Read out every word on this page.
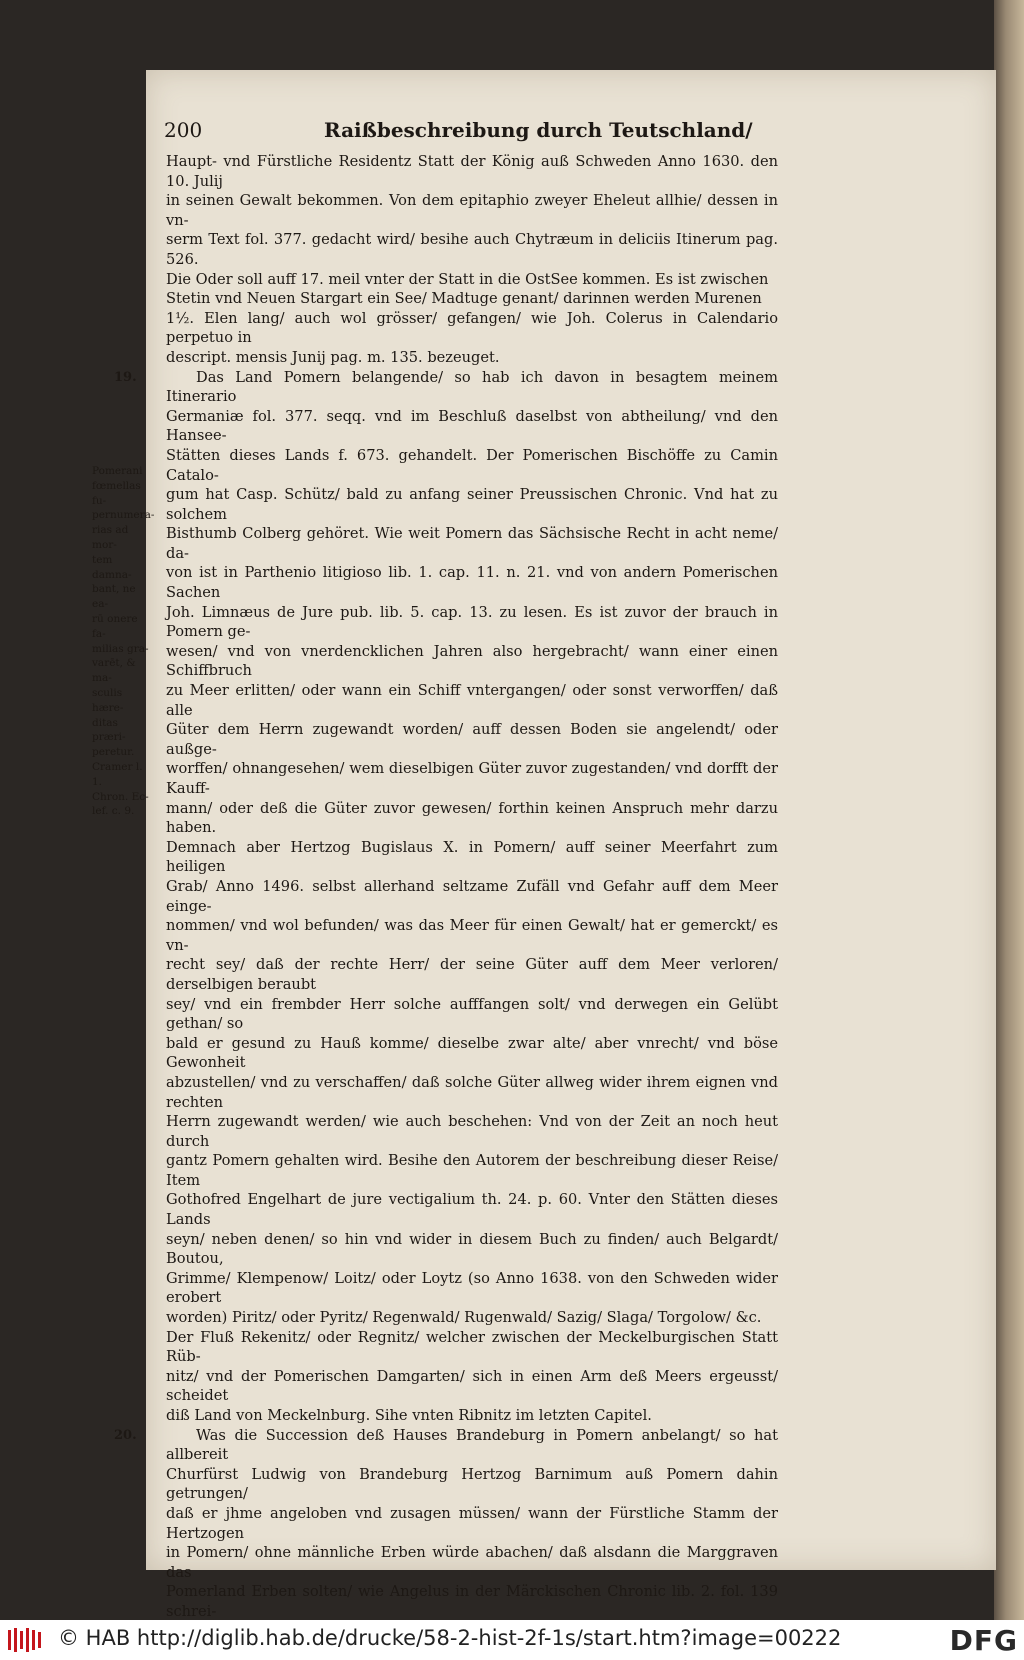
200	Raißbeschreibung durch Teutschland/
Pomerani
fœmellas fu-
pernumera-
rias ad mor-
tem damna-
bant, ne ea-
rū onere fa-
milias gra-
varēt, & ma-
sculis hære-
ditas præri-
peretur.
Cramer l. 1.
Chron. Ec-
lef. c. 9.
Haupt- vnd Fürstliche Residentz Statt der König auß Schweden Anno 1630. den 10. Julij
in seinen Gewalt bekommen. Von dem epitaphio zweyer Eheleut allhie/ dessen in vn-
serm Text fol. 377. gedacht wird/ besihe auch Chytræum in deliciis Itinerum pag. 526.
Die Oder soll auff 17. meil vnter der Statt in die OstSee kommen. Es ist zwischen
Stetin vnd Neuen Stargart ein See/ Madtuge genant/ darinnen werden Murenen
1½. Elen lang/ auch wol grösser/ gefangen/ wie Joh. Colerus in Calendario perpetuo in
descript. mensis Junij pag. m. 135. bezeuget.
19.	Das Land Pomern belangende/ so hab ich davon in besagtem meinem Itinerario
Germaniæ fol. 377. seqq. vnd im Beschluß daselbst von abtheilung/ vnd den Hansee-
Stätten dieses Lands f. 673. gehandelt. Der Pomerischen Bischöffe zu Camin Catalo-
gum hat Casp. Schütz/ bald zu anfang seiner Preussischen Chronic. Vnd hat zu solchem
Bisthumb Colberg gehöret. Wie weit Pomern das Sächsische Recht in acht neme/ da-
von ist in Parthenio litigioso lib. 1. cap. 11. n. 21. vnd von andern Pomerischen Sachen
Joh. Limnæus de Jure pub. lib. 5. cap. 13. zu lesen. Es ist zuvor der brauch in Pomern ge-
wesen/ vnd von vnerdencklichen Jahren also hergebracht/ wann einer einen Schiffbruch
zu Meer erlitten/ oder wann ein Schiff vntergangen/ oder sonst verworffen/ daß alle
Güter dem Herrn zugewandt worden/ auff dessen Boden sie angelendt/ oder außge-
worffen/ ohnangesehen/ wem dieselbigen Güter zuvor zugestanden/ vnd dorfft der Kauff-
mann/ oder deß die Güter zuvor gewesen/ forthin keinen Anspruch mehr darzu haben.
Demnach aber Hertzog Bugislaus X. in Pomern/ auff seiner Meerfahrt zum heiligen
Grab/ Anno 1496. selbst allerhand seltzame Zufäll vnd Gefahr auff dem Meer einge-
nommen/ vnd wol befunden/ was das Meer für einen Gewalt/ hat er gemerckt/ es vn-
recht sey/ daß der rechte Herr/ der seine Güter auff dem Meer verloren/ derselbigen beraubt
sey/ vnd ein frembder Herr solche aufffangen solt/ vnd derwegen ein Gelübt gethan/ so
bald er gesund zu Hauß komme/ dieselbe zwar alte/ aber vnrecht/ vnd böse Gewonheit
abzustellen/ vnd zu verschaffen/ daß solche Güter allweg wider ihrem eignen vnd rechten
Herrn zugewandt werden/ wie auch beschehen: Vnd von der Zeit an noch heut durch
gantz Pomern gehalten wird. Besihe den Autorem der beschreibung dieser Reise/ Item
Gothofred Engelhart de jure vectigalium th. 24. p. 60. Vnter den Stätten dieses Lands
seyn/ neben denen/ so hin vnd wider in diesem Buch zu finden/ auch Belgardt/ Boutou,
Grimme/ Klempenow/ Loitz/ oder Loytz (so Anno 1638. von den Schweden wider erobert
worden) Piritz/ oder Pyritz/ Regenwald/ Rugenwald/ Sazig/ Slaga/ Torgolow/ &c.
Der Fluß Rekenitz/ oder Regnitz/ welcher zwischen der Meckelburgischen Statt Rüb-
nitz/ vnd der Pomerischen Damgarten/ sich in einen Arm deß Meers ergeusst/ scheidet
diß Land von Meckelnburg. Sihe vnten Ribnitz im letzten Capitel.
20.	Was die Succession deß Hauses Brandeburg in Pomern anbelangt/ so hat allbereit
Churfürst Ludwig von Brandeburg Hertzog Barnimum auß Pomern dahin getrungen/
daß er jhme angeloben vnd zusagen müssen/ wann der Fürstliche Stamm der Hertzogen
in Pomern/ ohne männliche Erben würde abachen/ daß alsdann die Marggraven das
Pomerland Erben solten/ wie Angelus in der Märckischen Chronic lib. 2. fol. 139 schrei-
© HAB http://diglib.hab.de/drucke/58-2-hist-2f-1s/start.htm?image=00222	DFG
